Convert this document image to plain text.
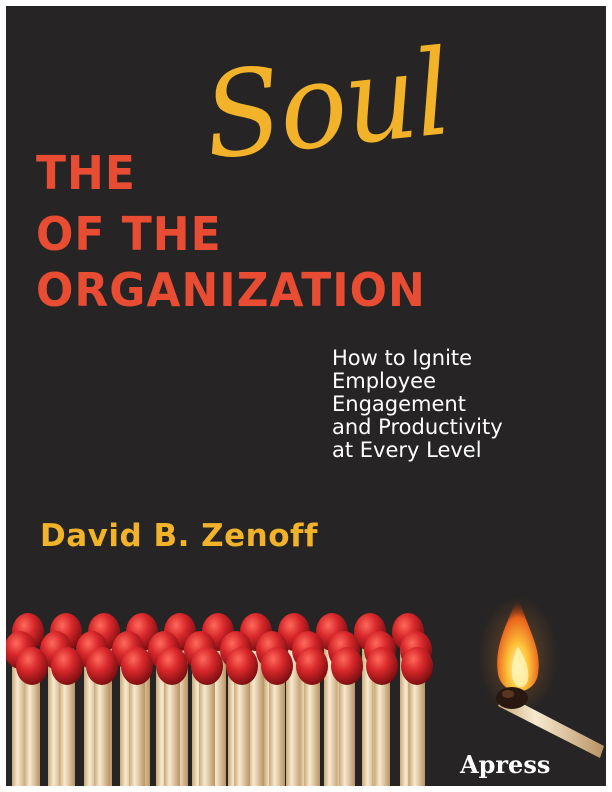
THE Soul
OF THE
ORGANIZATION
How to Ignite
Employee
Engagement
and Productivity
at Every Level
David B. Zenoff
Apress
